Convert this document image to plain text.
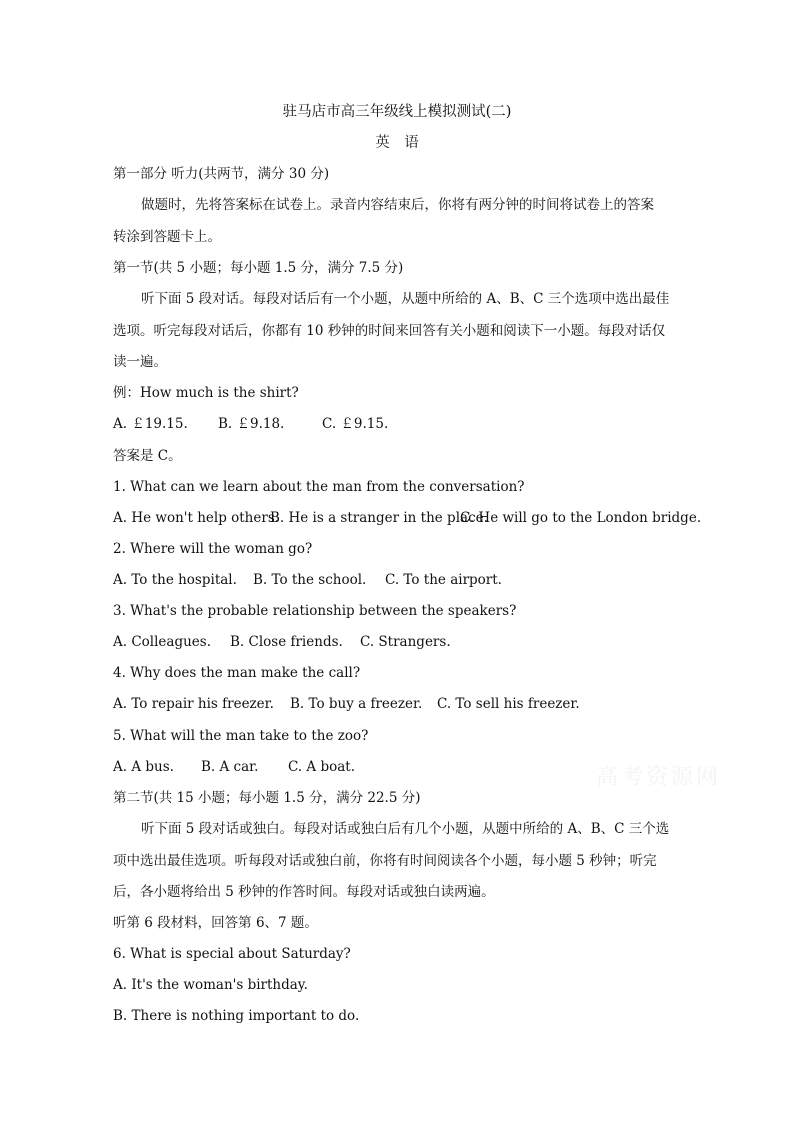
驻马店市高三年级线上模拟测试(二)
英　语
第一部分 听力(共两节，满分 30 分)
做题时，先将答案标在试卷上。录音内容结束后，你将有两分钟的时间将试卷上的答案
转涂到答题卡上。
第一节(共 5 小题；每小题 1.5 分，满分 7.5 分)
听下面 5 段对话。每段对话后有一个小题，从题中所给的 A、B、C 三个选项中选出最佳
选项。听完每段对话后，你都有 10 秒钟的时间来回答有关小题和阅读下一小题。每段对话仅
读一遍。
例：How much is the shirt?
A. ￡19.15. B. ￡9.18.	C. ￡9.15.
答案是 C。
1. What can we learn about the man from the conversation?
A. He won't help others.
B. He is a stranger in the place.
C. He will go to the London bridge.
2. Where will the woman go?
A. To the hospital. B. To the school. C. To the airport.
3. What's the probable relationship between the speakers?
A. Colleagues. B. Close friends. C. Strangers.
4. Why does the man make the call?
A. To repair his freezer. B. To buy a freezer. C. To sell his freezer.
5. What will the man take to the zoo?
A. A bus. B. A car. C. A boat.
第二节(共 15 小题；每小题 1.5 分，满分 22.5 分)
听下面 5 段对话或独白。每段对话或独白后有几个小题，从题中所给的 A、B、C 三个选
项中选出最佳选项。听每段对话或独白前，你将有时间阅读各个小题，每小题 5 秒钟；听完
后，各小题将给出 5 秒钟的作答时间。每段对话或独白读两遍。
听第 6 段材料，回答第 6、7 题。
6. What is special about Saturday?
A. It's the woman's birthday.
B. There is nothing important to do.
高考资源网
